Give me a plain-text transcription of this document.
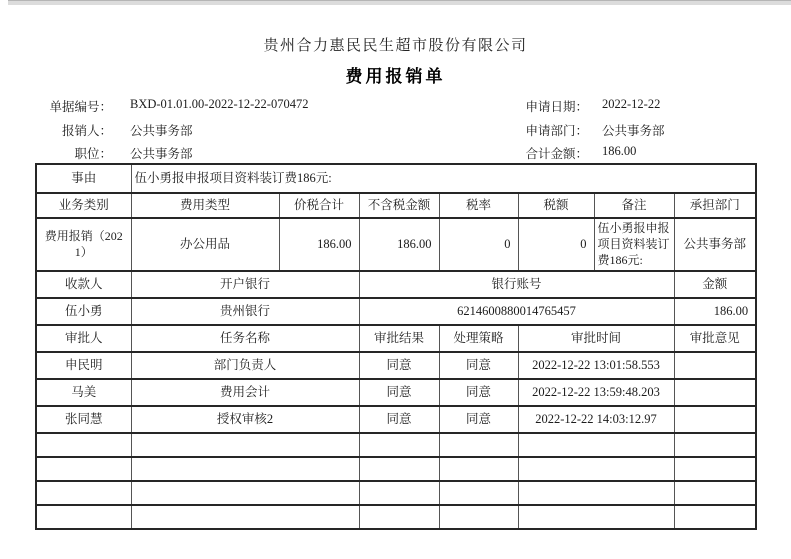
贵州合力惠民民生超市股份有限公司
费用报销单
单据编号： BXD-01.01.00-2022-12-22-070472
报销人： 公共事务部
职位： 公共事务部
申请日期： 2022-12-22
申请部门： 公共事务部
合计金额： 186.00
事由	伍小勇报申报项目资料装订费186元:						
业务类别	费用类型	价税合计	不含税金额	税率	税额	备注	承担部门
费用报销（2021）	办公用品	186.00	186.00	0	0	伍小勇报申报项目资料装订费186元:	公共事务部
收款人	开户银行		银行账号				金额
伍小勇	贵州银行		6214600880014765457				186.00
审批人	任务名称		审批结果	处理策略	审批时间		审批意见
申民明	部门负责人		同意	同意	2022-12-22 13:01:58.553		
马美	费用会计		同意	同意	2022-12-22 13:59:48.203		
张同慧	授权审核2		同意	同意	2022-12-22 14:03:12.97		
